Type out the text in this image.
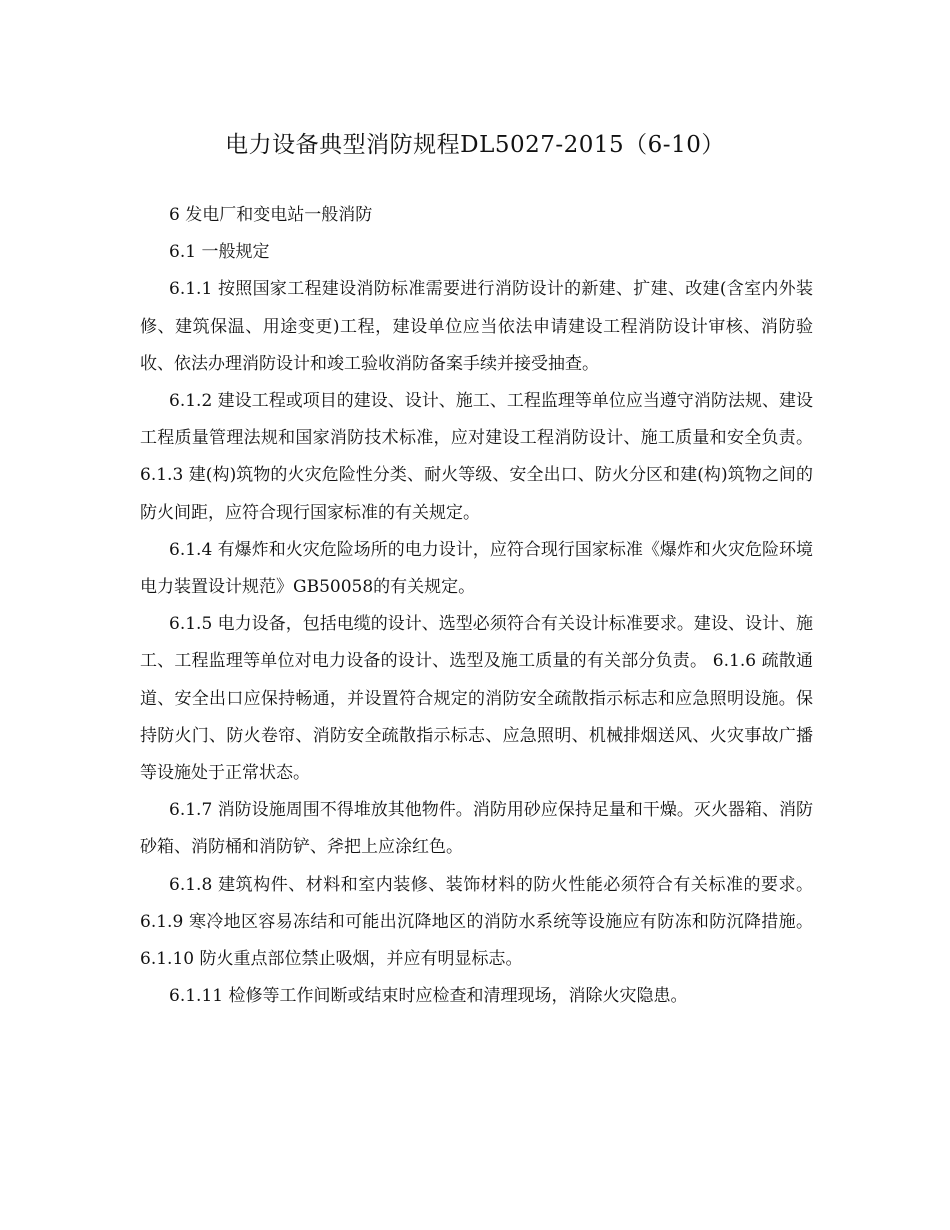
电力设备典型消防规程DL5027-2015（6-10）

6 发电厂和变电站一般消防

6.1 一般规定

6.1.1 按照国家工程建设消防标准需要进行消防设计的新建、扩建、改建(含室内外装修、建筑保温、用途变更)工程，建设单位应当依法申请建设工程消防设计审核、消防验收、依法办理消防设计和竣工验收消防备案手续并接受抽查。

6.1.2 建设工程或项目的建设、设计、施工、工程监理等单位应当遵守消防法规、建设工程质量管理法规和国家消防技术标准，应对建设工程消防设计、施工质量和安全负责。 6.1.3 建(构)筑物的火灾危险性分类、耐火等级、安全出口、防火分区和建(构)筑物之间的防火间距，应符合现行国家标准的有关规定。

6.1.4 有爆炸和火灾危险场所的电力设计，应符合现行国家标准《爆炸和火灾危险环境电力装置设计规范》GB50058的有关规定。

6.1.5 电力设备，包括电缆的设计、选型必须符合有关设计标准要求。建设、设计、施工、工程监理等单位对电力设备的设计、选型及施工质量的有关部分负责。 6.1.6 疏散通道、安全出口应保持畅通，并设置符合规定的消防安全疏散指示标志和应急照明设施。保持防火门、防火卷帘、消防安全疏散指示标志、应急照明、机械排烟送风、火灾事故广播等设施处于正常状态。

6.1.7 消防设施周围不得堆放其他物件。消防用砂应保持足量和干燥。灭火器箱、消防砂箱、消防桶和消防铲、斧把上应涂红色。

6.1.8 建筑构件、材料和室内装修、装饰材料的防火性能必须符合有关标准的要求。 6.1.9 寒冷地区容易冻结和可能出沉降地区的消防水系统等设施应有防冻和防沉降措施。 6.1.10 防火重点部位禁止吸烟，并应有明显标志。

6.1.11 检修等工作间断或结束时应检查和清理现场，消除火灾隐患。
